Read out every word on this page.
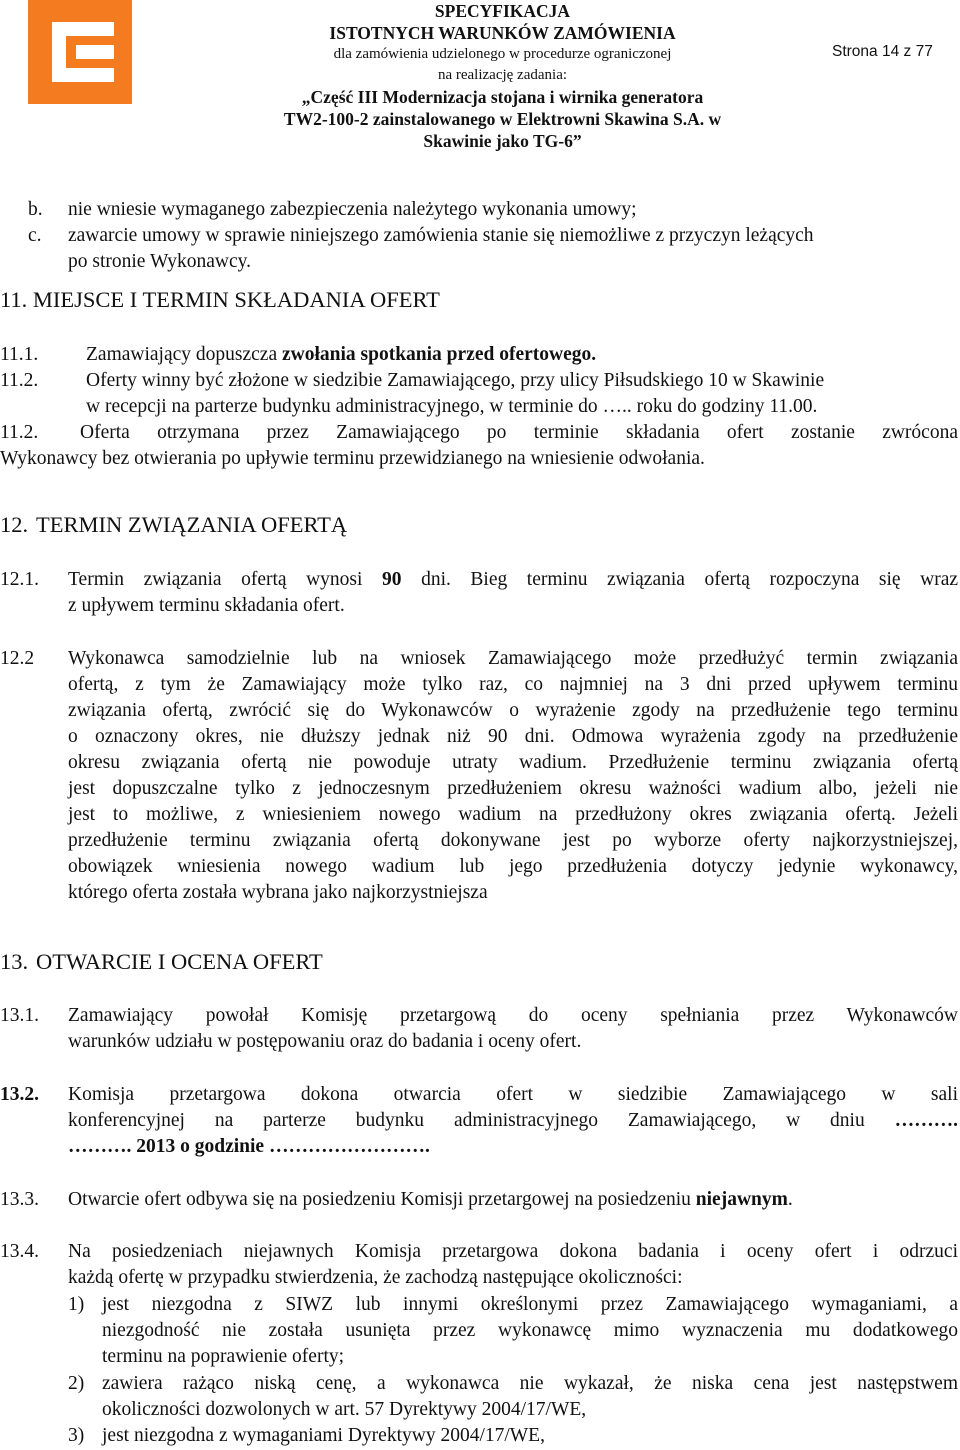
SPECYFIKACJA
ISTOTNYCH WARUNKÓW ZAMÓWIENIA
dla zamówienia udzielonego w procedurze ograniczonej
na realizację zadania:
„Część III Modernizacja stojana i wirnika generatora
TW2-100-2 zainstalowanego w Elektrowni Skawina S.A. w
Skawinie jako TG-6”
Strona 14 z 77
b. nie wniesie wymaganego zabezpieczenia należytego wykonania umowy;
c. zawarcie umowy w sprawie niniejszego zamówienia stanie się niemożliwe z przyczyn leżących
po stronie Wykonawcy.
11. MIEJSCE I TERMIN SKŁADANIA OFERT
11.1. Zamawiający dopuszcza zwołania spotkania przed ofertowego.
11.2. Oferty winny być złożone w siedzibie Zamawiającego, przy ulicy Piłsudskiego 10 w Skawinie
w recepcji na parterze budynku administracyjnego, w terminie do ….. roku do godziny 11.00.
11.2. Oferta otrzymana przez Zamawiającego po terminie składania ofert zostanie zwrócona
Wykonawcy bez otwierania po upływie terminu przewidzianego na wniesienie odwołania.
12. TERMIN ZWIĄZANIA OFERTĄ
12.1. Termin związania ofertą wynosi 90 dni. Bieg terminu związania ofertą rozpoczyna się wraz
z upływem terminu składania ofert.
12.2 Wykonawca samodzielnie lub na wniosek Zamawiającego może przedłużyć termin związania
ofertą, z tym że Zamawiający może tylko raz, co najmniej na 3 dni przed upływem terminu
związania ofertą, zwrócić się do Wykonawców o wyrażenie zgody na przedłużenie tego terminu
o oznaczony okres, nie dłuższy jednak niż 90 dni. Odmowa wyrażenia zgody na przedłużenie
okresu związania ofertą nie powoduje utraty wadium. Przedłużenie terminu związania ofertą
jest dopuszczalne tylko z jednoczesnym przedłużeniem okresu ważności wadium albo, jeżeli nie
jest to możliwe, z wniesieniem nowego wadium na przedłużony okres związania ofertą. Jeżeli
przedłużenie terminu związania ofertą dokonywane jest po wyborze oferty najkorzystniejszej,
obowiązek wniesienia nowego wadium lub jego przedłużenia dotyczy jedynie wykonawcy,
którego oferta została wybrana jako najkorzystniejsza
13. OTWARCIE I OCENA OFERT
13.1. Zamawiający powołał Komisję przetargową do oceny spełniania przez Wykonawców
warunków udziału w postępowaniu oraz do badania i oceny ofert.
13.2. Komisja przetargowa dokona otwarcia ofert w siedzibie Zamawiającego w sali
konferencyjnej na parterze budynku administracyjnego Zamawiającego, w dniu ……….
………. 2013 o godzinie …………………….
13.3. Otwarcie ofert odbywa się na posiedzeniu Komisji przetargowej na posiedzeniu niejawnym.
13.4. Na posiedzeniach niejawnych Komisja przetargowa dokona badania i oceny ofert i odrzuci
każdą ofertę w przypadku stwierdzenia, że zachodzą następujące okoliczności:
1) jest niezgodna z SIWZ lub innymi określonymi przez Zamawiającego wymaganiami, a
niezgodność nie została usunięta przez wykonawcę mimo wyznaczenia mu dodatkowego
terminu na poprawienie oferty;
2) zawiera rażąco niską cenę, a wykonawca nie wykazał, że niska cena jest następstwem
okoliczności dozwolonych w art. 57 Dyrektywy 2004/17/WE,
3) jest niezgodna z wymaganiami Dyrektywy 2004/17/WE,
